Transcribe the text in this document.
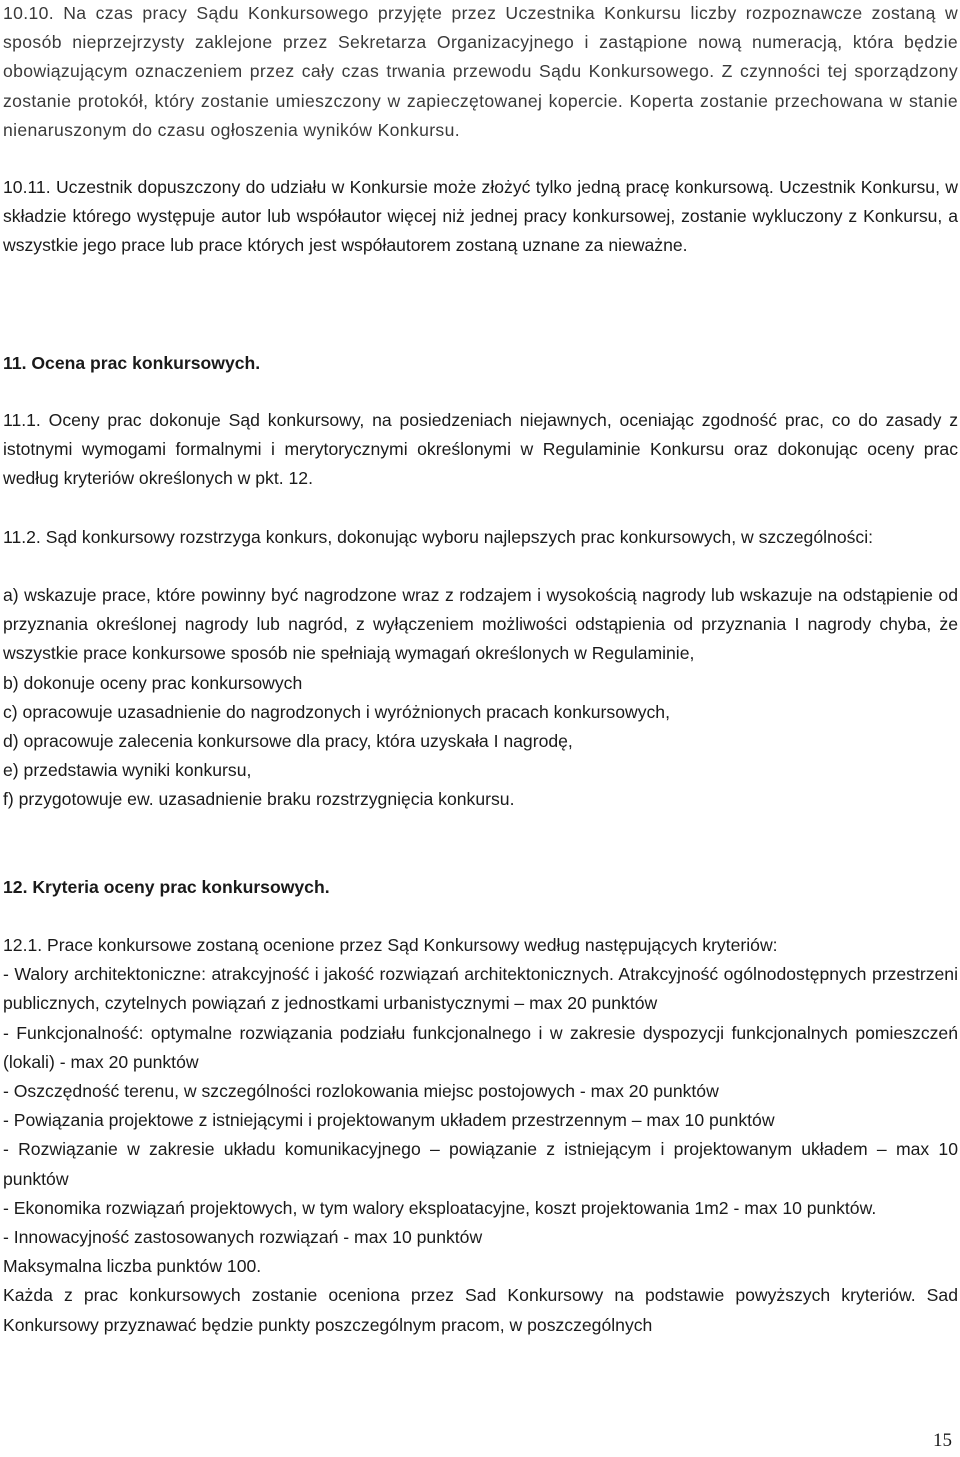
10.10. Na czas pracy Sądu Konkursowego przyjęte przez Uczestnika Konkursu liczby rozpoznawcze zostaną w sposób nieprzejrzysty zaklejone przez Sekretarza Organizacyjnego i zastąpione nową numeracją, która będzie obowiązującym oznaczeniem przez cały czas trwania przewodu Sądu Konkursowego. Z czynności tej sporządzony zostanie protokół, który zostanie umieszczony w zapieczętowanej kopercie. Koperta zostanie przechowana w stanie nienaruszonym do czasu ogłoszenia wyników Konkursu.

10.11. Uczestnik dopuszczony do udziału w Konkursie może złożyć tylko jedną pracę konkursową. Uczestnik Konkursu, w składzie którego występuje autor lub współautor więcej niż jednej pracy konkursowej, zostanie wykluczony z Konkursu, a wszystkie jego prace lub prace których jest współautorem zostaną uznane za nieważne.

11. Ocena prac konkursowych.

11.1. Oceny prac dokonuje Sąd konkursowy, na posiedzeniach niejawnych, oceniając zgodność prac, co do zasady z istotnymi wymogami formalnymi i merytorycznymi określonymi w Regulaminie Konkursu oraz dokonując oceny prac według kryteriów określonych w pkt. 12.

11.2. Sąd konkursowy rozstrzyga konkurs, dokonując wyboru najlepszych prac konkursowych, w szczególności:

a) wskazuje prace, które powinny być nagrodzone wraz z rodzajem i wysokością nagrody lub wskazuje na odstąpienie od przyznania określonej nagrody lub nagród, z wyłączeniem możliwości odstąpienia od przyznania I nagrody chyba, że wszystkie prace konkursowe sposób nie spełniają wymagań określonych w Regulaminie,
b) dokonuje oceny prac konkursowych
c) opracowuje uzasadnienie do nagrodzonych i wyróżnionych pracach konkursowych,
d) opracowuje zalecenia konkursowe dla pracy, która uzyskała I nagrodę,
e) przedstawia wyniki konkursu,
f) przygotowuje ew. uzasadnienie braku rozstrzygnięcia konkursu.

12. Kryteria oceny prac konkursowych.

12.1. Prace konkursowe zostaną ocenione przez Sąd Konkursowy według następujących kryteriów:
- Walory architektoniczne: atrakcyjność i jakość rozwiązań architektonicznych. Atrakcyjność ogólnodostępnych przestrzeni publicznych, czytelnych powiązań z jednostkami urbanistycznymi – max 20 punktów
- Funkcjonalność: optymalne rozwiązania podziału funkcjonalnego i w zakresie dyspozycji funkcjonalnych pomieszczeń (lokali) - max 20 punktów
- Oszczędność terenu, w szczególności rozlokowania miejsc postojowych - max 20 punktów
- Powiązania projektowe z istniejącymi i projektowanym układem przestrzennym – max 10 punktów
- Rozwiązanie w zakresie układu komunikacyjnego – powiązanie z istniejącym i projektowanym układem – max 10 punktów
- Ekonomika rozwiązań projektowych, w tym walory eksploatacyjne, koszt projektowania 1m2 - max 10 punktów.
- Innowacyjność zastosowanych rozwiązań - max 10 punktów
Maksymalna liczba punktów 100.
Każda z prac konkursowych zostanie oceniona przez Sad Konkursowy na podstawie powyższych kryteriów. Sad Konkursowy przyznawać będzie punkty poszczególnym pracom, w poszczególnych
15
